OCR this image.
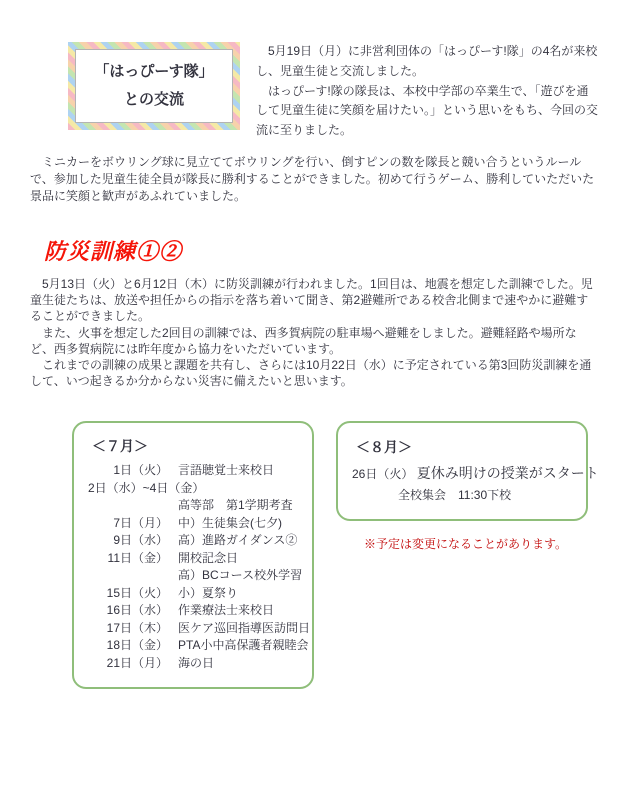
「はっぴーす隊」
との交流

　5月19日（月）に非営利団体の「はっぴーす!隊」の4名が来校し、児童生徒と交流しました。

　はっぴーす!隊の隊長は、本校中学部の卒業生で、「遊びを通して児童生徒に笑顔を届けたい。」という思いをもち、今回の交流に至りました。

　ミニカーをボウリング球に見立ててボウリングを行い、倒すピンの数を隊長と競い合うというルールで、参加した児童生徒全員が隊長に勝利することができました。初めて行うゲーム、勝利していただいた景品に笑顔と歓声があふれていました。

防災訓練①②

　5月13日（火）と6月12日（木）に防災訓練が行われました。1回目は、地震を想定した訓練でした。児童生徒たちは、放送や担任からの指示を落ち着いて聞き、第2避難所である校舎北側まで速やかに避難することができました。

　また、火事を想定した2回目の訓練では、西多賀病院の駐車場へ避難をしました。避難経路や場所など、西多賀病院には昨年度から協力をいただいています。

　これまでの訓練の成果と課題を共有し、さらには10月22日（水）に予定されている第3回防災訓練を通して、いつ起きるか分からない災害に備えたいと思います。

＜７月＞
1日（火） 言語聴覚士来校日
2日（水）~4日（金）
高等部　第1学期考査
7日（月） 中）生徒集会(七夕)
9日（水） 高）進路ガイダンス②
11日（金） 開校記念日
高）BCコース校外学習
15日（火） 小）夏祭り
16日（水） 作業療法士来校日
17日（木） 医ケア巡回指導医訪問日
18日（金） PTA小中高保護者親睦会
21日（月） 海の日
＜８月＞
26日（火） 夏休み明けの授業がスタート
全校集会　11:30下校
※予定は変更になることがあります。
